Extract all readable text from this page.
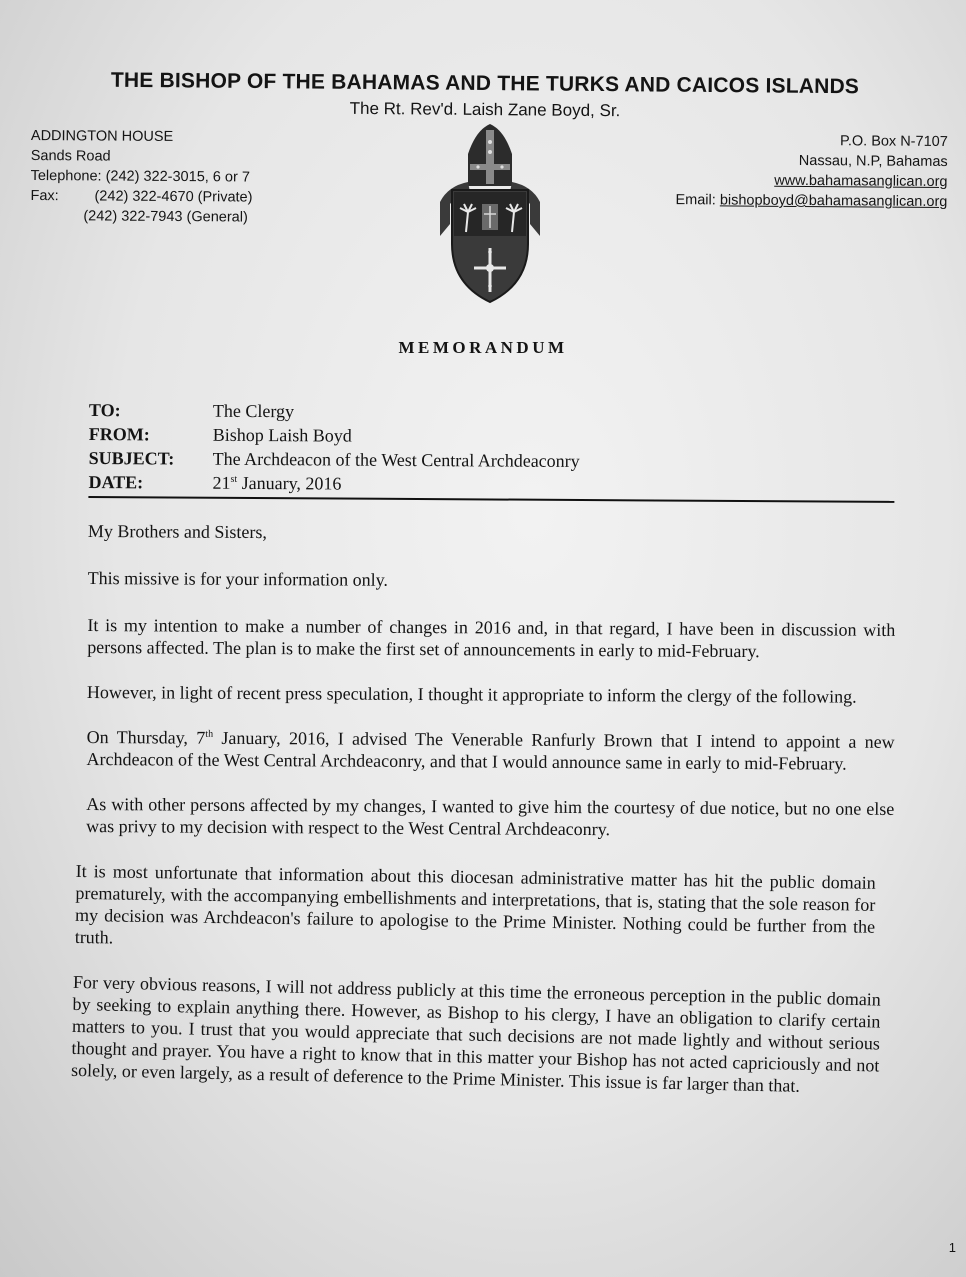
THE BISHOP OF THE BAHAMAS AND THE TURKS AND CAICOS ISLANDS
The Rt. Rev'd. Laish Zane Boyd, Sr.
ADDINGTON HOUSE
Sands Road
Telephone: (242) 322-3015, 6 or 7
Fax: (242) 322-4670 (Private)
(242) 322-7943 (General)
P.O. Box N-7107
Nassau, N.P, Bahamas
www.bahamasanglican.org
Email: bishopboyd@bahamasanglican.org
MEMORANDUM
TO:	The Clergy
FROM:	Bishop Laish Boyd
SUBJECT:	The Archdeacon of the West Central Archdeaconry
DATE:	21st January, 2016

My Brothers and Sisters,

This missive is for your information only.

It is my intention to make a number of changes in 2016 and, in that regard, I have been in discussion with persons affected. The plan is to make the first set of announcements in early to mid-February.

However, in light of recent press speculation, I thought it appropriate to inform the clergy of the following.

On Thursday, 7th January, 2016, I advised The Venerable Ranfurly Brown that I intend to appoint a new Archdeacon of the West Central Archdeaconry, and that I would announce same in early to mid-February.

As with other persons affected by my changes, I wanted to give him the courtesy of due notice, but no one else was privy to my decision with respect to the West Central Archdeaconry.

It is most unfortunate that information about this diocesan administrative matter has hit the public domain prematurely, with the accompanying embellishments and interpretations, that is, stating that the sole reason for my decision was Archdeacon's failure to apologise to the Prime Minister. Nothing could be further from the truth.

For very obvious reasons, I will not address publicly at this time the erroneous perception in the public domain by seeking to explain anything there. However, as Bishop to his clergy, I have an obligation to clarify certain matters to you. I trust that you would appreciate that such decisions are not made lightly and without serious thought and prayer. You have a right to know that in this matter your Bishop has not acted capriciously and not solely, or even largely, as a result of deference to the Prime Minister. This issue is far larger than that.

1
